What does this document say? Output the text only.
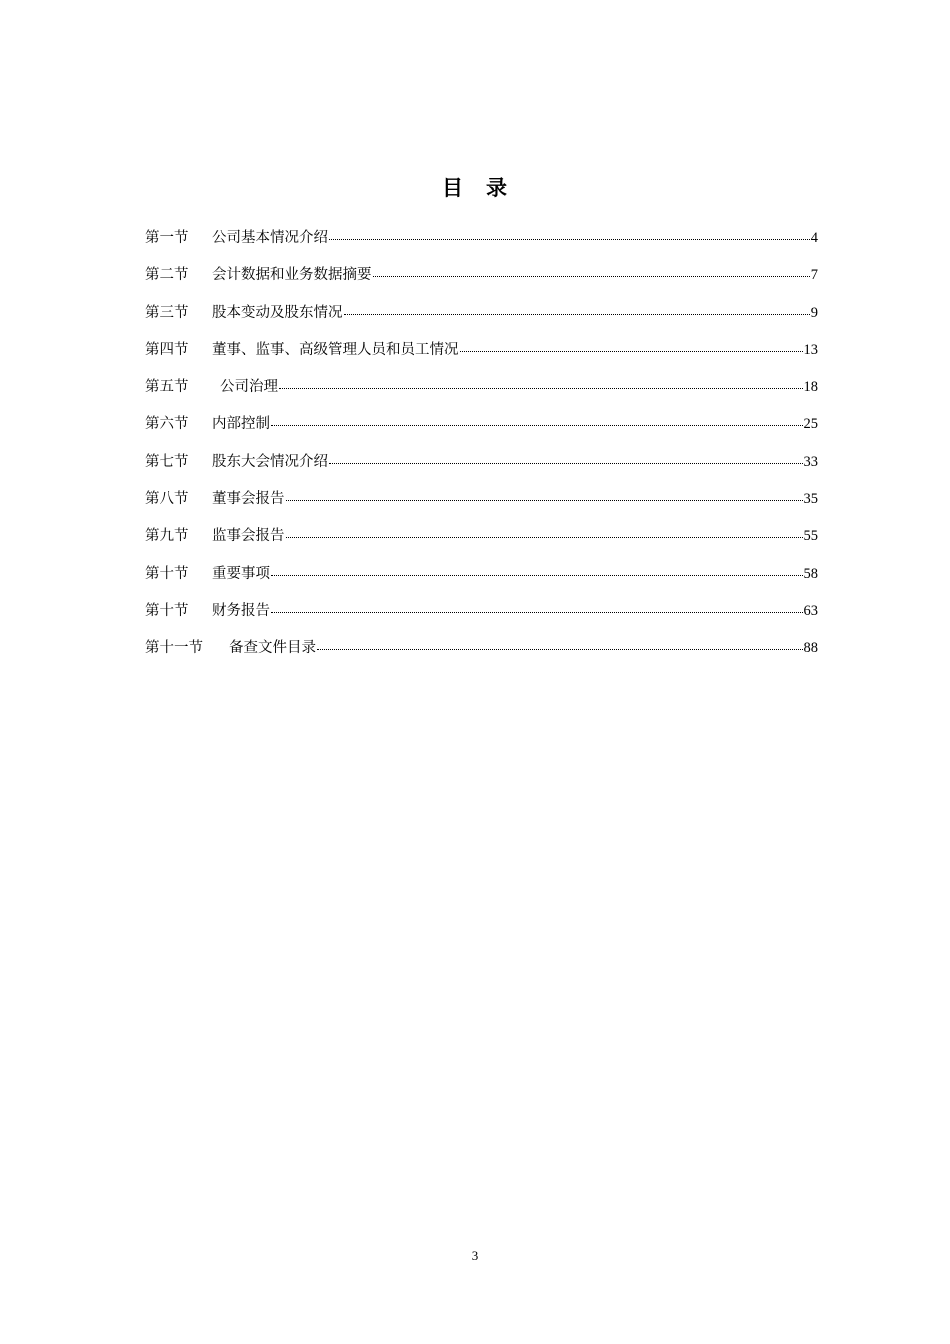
目　录
第一节	公司基本情况介绍	4
第二节	会计数据和业务数据摘要	7
第三节	股本变动及股东情况	9
第四节	董事、监事、高级管理人员和员工情况	13
第五节	公司治理	18
第六节	内部控制	25
第七节	股东大会情况介绍	33
第八节	董事会报告	35
第九节	监事会报告	55
第十节	重要事项	58
第十节	财务报告	63
第十一节	备查文件目录	88
3
